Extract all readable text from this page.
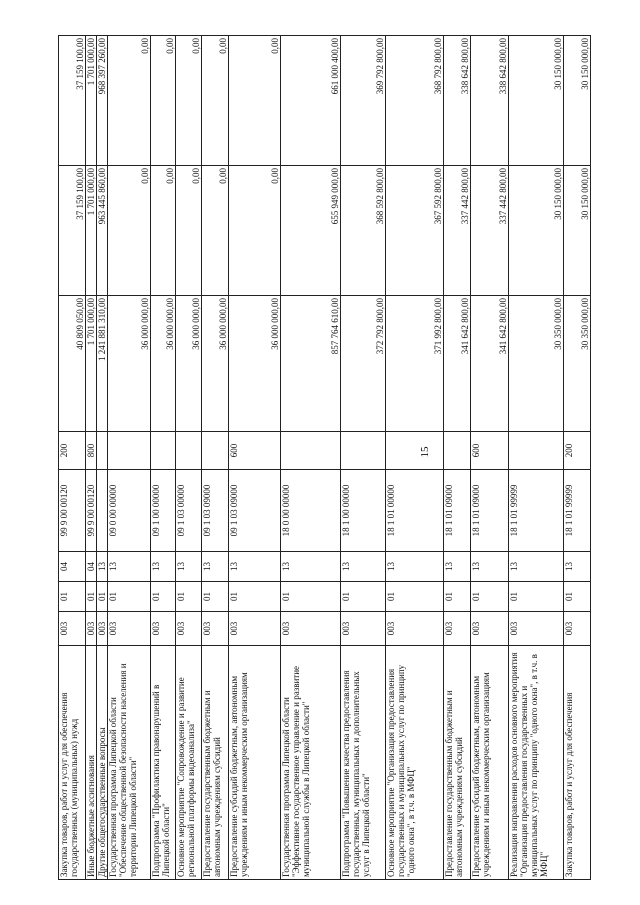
15
Закупка товаров, работ и услуг для обеспечения государственных (муниципальных) нужд	003	01	04	99 9 00 00120	200	40 809 050,00	37 159 100,00	37 159 100,00
Иные бюджетные ассигнования	003	01	04	99 9 00 00120	800	1 701 000,00	1 701 000,00	1 701 000,00
Другие общегосударственные вопросы	003	01	13			1 241 881 310,00	963 445 860,00	968 397 260,00
Государственная программа Липецкой области "Обеспечение общественной безопасности населения и территории Липецкой области"	003	01	13	09 0 00 00000		36 000 000,00	0,00	0,00
Подпрограмма "Профилактика правонарушений в Липецкой области"	003	01	13	09 1 00 00000		36 000 000,00	0,00	0,00
Основное мероприятие "Сопровождение и развитие региональной платформы видеоанализа"	003	01	13	09 1 03 00000		36 000 000,00	0,00	0,00
Предоставление государственным бюджетным и автономным учреждениям субсидий	003	01	13	09 1 03 09000		36 000 000,00	0,00	0,00
Предоставление субсидий бюджетным, автономным учреждениям и иным некоммерческим организациям	003	01	13	09 1 03 09000	600	36 000 000,00	0,00	0,00
Государственная программа Липецкой области "Эффективное государственное управление и развитие муниципальной службы в Липецкой области"	003	01	13	18 0 00 00000		857 764 610,00	655 949 000,00	661 000 400,00
Подпрограмма "Повышение качества предоставления государственных, муниципальных и дополнительных услуг в Липецкой области"	003	01	13	18 1 00 00000		372 792 800,00	368 592 800,00	369 792 800,00
Основное мероприятие "Организация предоставления государственных и муниципальных услуг по принципу "одного окна", в т.ч. в МФЦ"	003	01	13	18 1 01 00000		371 992 800,00	367 592 800,00	368 792 800,00
Предоставление государственным бюджетным и автономным учреждениям субсидий	003	01	13	18 1 01 09000		341 642 800,00	337 442 800,00	338 642 800,00
Предоставление субсидий бюджетным, автономным учреждениям и иным некоммерческим организациям	003	01	13	18 1 01 09000	600	341 642 800,00	337 442 800,00	338 642 800,00
Реализация направления расходов основного мероприятия "Организация предоставления государственных и муниципальных услуг по принципу "одного окна", в т.ч. в МФЦ"	003	01	13	18 1 01 99999		30 350 000,00	30 150 000,00	30 150 000,00
Закупка товаров, работ и услуг для обеспечения	003	01	13	18 1 01 99999	200	30 350 000,00	30 150 000,00	30 150 000,00
